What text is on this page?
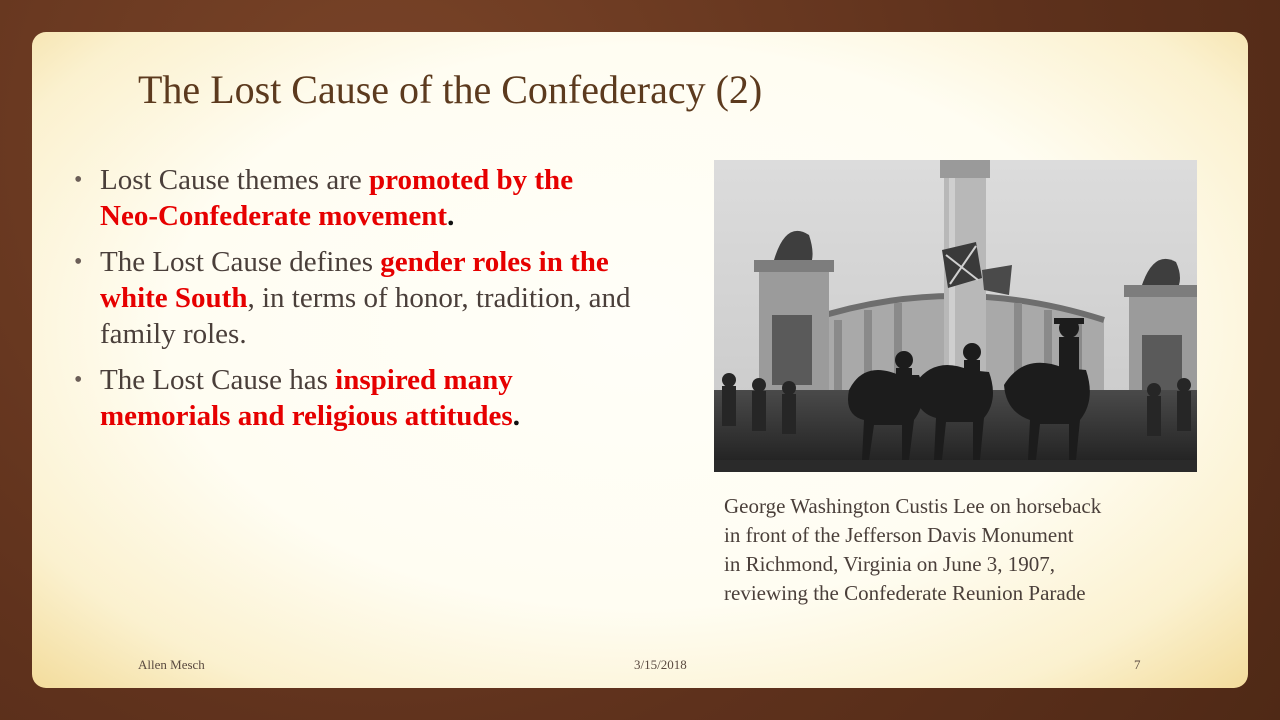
The Lost Cause of the Confederacy (2)
• Lost Cause themes are promoted by the Neo-Confederate movement.
• The Lost Cause defines gender roles in the white South, in terms of honor, tradition, and family roles.
• The Lost Cause has inspired many memorials and religious attitudes.

George Washington Custis Lee on horseback
in front of the Jefferson Davis Monument
in Richmond, Virginia on June 3, 1907,
reviewing the Confederate Reunion Parade

Allen Mesch	3/15/2018	7
